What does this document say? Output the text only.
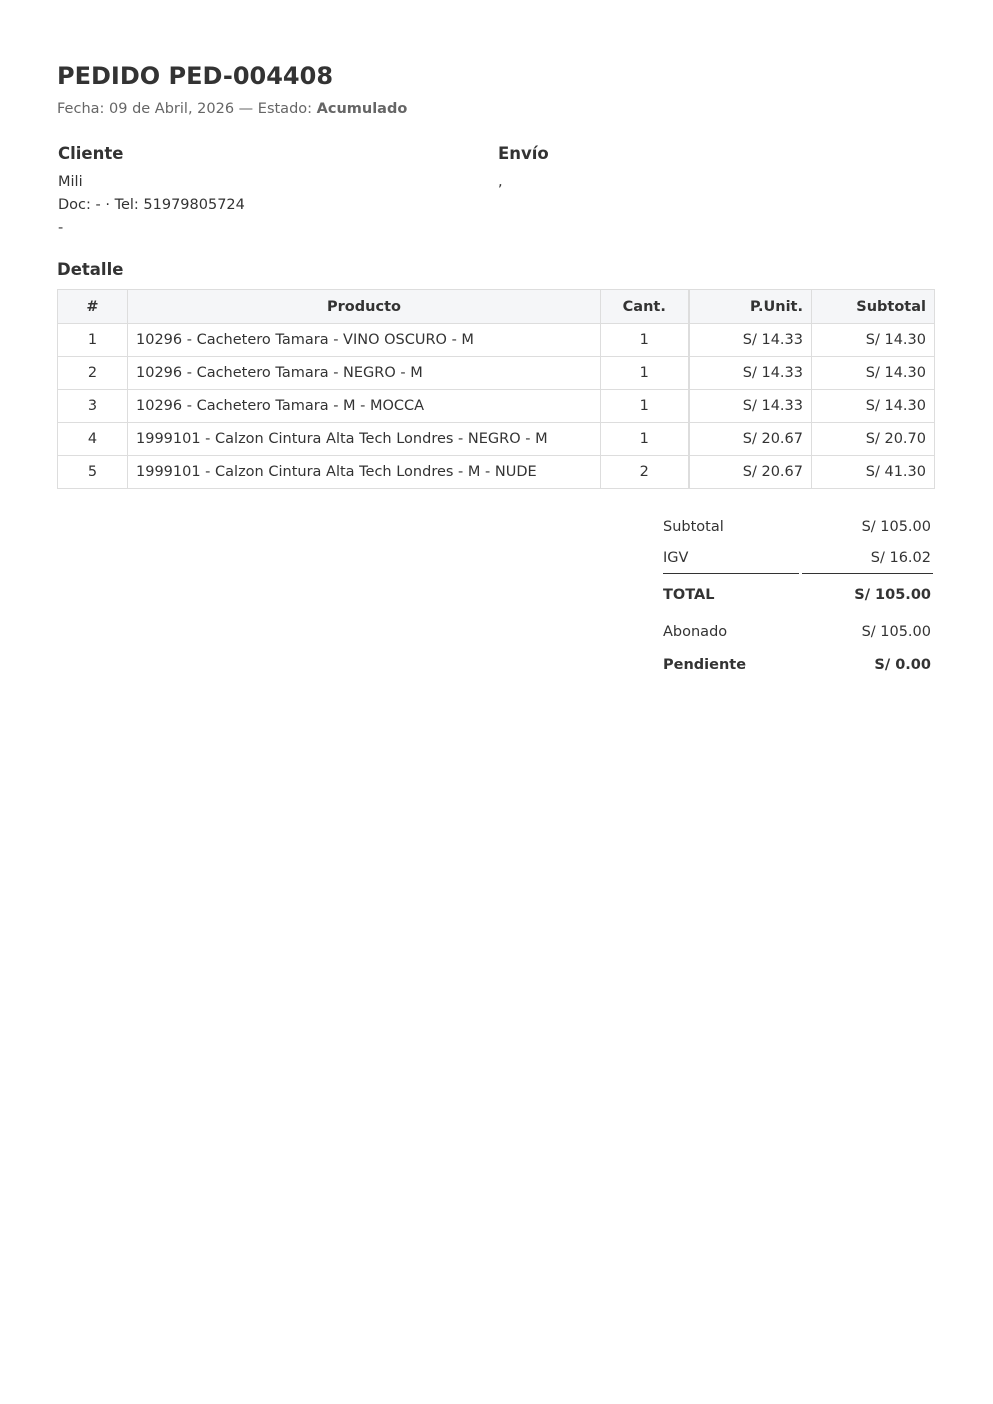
PEDIDO PED-004408
Fecha: 09 de Abril, 2026 — Estado: Acumulado
Cliente
Mili
Doc: - · Tel: 51979805724
-
Envío
,
Detalle
#	Producto	Cant.	P.Unit.	Subtotal
1	10296 - Cachetero Tamara - VINO OSCURO - M	1	S/ 14.33	S/ 14.30
2	10296 - Cachetero Tamara - NEGRO - M	1	S/ 14.33	S/ 14.30
3	10296 - Cachetero Tamara - M - MOCCA	1	S/ 14.33	S/ 14.30
4	1999101 - Calzon Cintura Alta Tech Londres - NEGRO - M	1	S/ 20.67	S/ 20.70
5	1999101 - Calzon Cintura Alta Tech Londres - M - NUDE	2	S/ 20.67	S/ 41.30
Subtotal	S/ 105.00
IGV	S/ 16.02
TOTAL	S/ 105.00
Abonado	S/ 105.00
Pendiente	S/ 0.00
